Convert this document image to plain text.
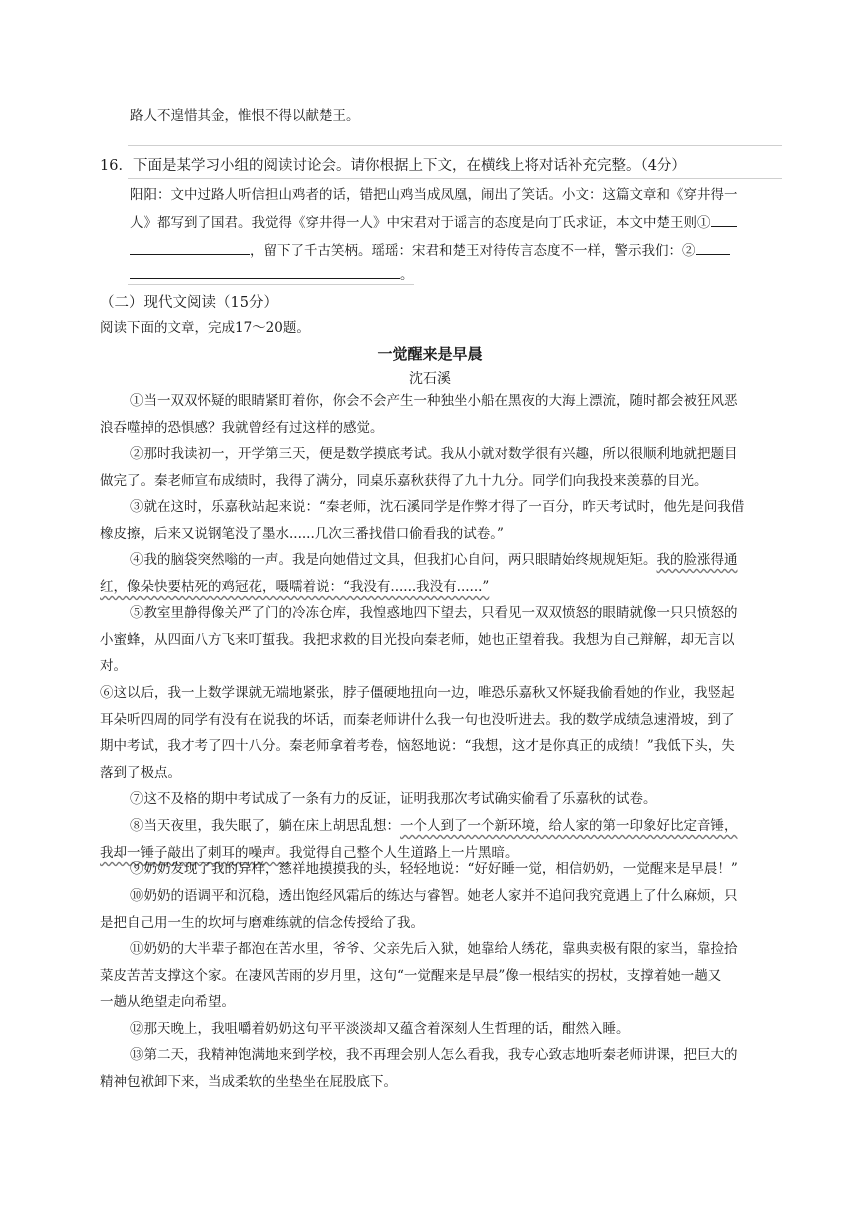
路人不遑惜其金，惟恨不得以献楚王。
16．下面是某学习小组的阅读讨论会。请你根据上下文，在横线上将对话补充完整。（4分）
阳阳：文中过路人听信担山鸡者的话，错把山鸡当成凤凰，闹出了笑话。小文：这篇文章和《穿井得一
人》都写到了国君。我觉得《穿井得一人》中宋君对于谣言的态度是向丁氏求证，本文中楚王则①
，留下了千古笑柄。瑶瑶：宋君和楚王对待传言态度不一样，警示我们：②
。
（二）现代文阅读（15分）
阅读下面的文章，完成17～20题。
一觉醒来是早晨
沈石溪
①当一双双怀疑的眼睛紧盯着你，你会不会产生一种独坐小船在黑夜的大海上漂流，随时都会被狂风恶
浪吞噬掉的恐惧感？我就曾经有过这样的感觉。
②那时我读初一，开学第三天，便是数学摸底考试。我从小就对数学很有兴趣，所以很顺利地就把题目
做完了。秦老师宣布成绩时，我得了满分，同桌乐嘉秋获得了九十九分。同学们向我投来羡慕的目光。
③就在这时，乐嘉秋站起来说：“秦老师，沈石溪同学是作弊才得了一百分，昨天考试时，他先是问我借
橡皮擦，后来又说钢笔没了墨水......几次三番找借口偷看我的试卷。”
④我的脑袋突然嗡的一声。我是向她借过文具，但我扪心自问，两只眼睛始终规规矩矩。我的脸涨得通
红，像朵快要枯死的鸡冠花，嗫嚅着说：“我没有......我没有......”
⑤教室里静得像关严了门的冷冻仓库，我惶惑地四下望去，只看见一双双愤怒的眼睛就像一只只愤怒的
小蜜蜂，从四面八方飞来叮蜇我。我把求救的目光投向秦老师，她也正望着我。我想为自己辩解，却无言以
对。
⑥这以后，我一上数学课就无端地紧张，脖子僵硬地扭向一边，唯恐乐嘉秋又怀疑我偷看她的作业，我竖起
耳朵听四周的同学有没有在说我的坏话，而秦老师讲什么我一句也没听进去。我的数学成绩急速滑坡，到了
期中考试，我才考了四十八分。秦老师拿着考卷，恼怒地说：“我想，这才是你真正的成绩！”我低下头，失
落到了极点。
⑦这不及格的期中考试成了一条有力的反证，证明我那次考试确实偷看了乐嘉秋的试卷。
⑧当天夜里，我失眠了，躺在床上胡思乱想：一个人到了一个新环境，给人家的第一印象好比定音锤，
我却一锤子敲出了刺耳的噪声。我觉得自己整个人生道路上一片黑暗。
⑨奶奶发现了我的异样，慈祥地摸摸我的头，轻轻地说：“好好睡一觉，相信奶奶，一觉醒来是早晨！”
⑩奶奶的语调平和沉稳，透出饱经风霜后的练达与睿智。她老人家并不追问我究竟遇上了什么麻烦，只
是把自己用一生的坎坷与磨难练就的信念传授给了我。
⑪奶奶的大半辈子都泡在苦水里，爷爷、父亲先后入狱，她靠给人绣花，靠典卖极有限的家当，靠捡拾
菜皮苦苦支撑这个家。在凄风苦雨的岁月里，这句“一觉醒来是早晨”像一根结实的拐杖，支撑着她一趟又
一趟从绝望走向希望。
⑫那天晚上，我咀嚼着奶奶这句平平淡淡却又蕴含着深刻人生哲理的话，酣然入睡。
⑬第二天，我精神饱满地来到学校，我不再理会别人怎么看我，我专心致志地听秦老师讲课，把巨大的
精神包袱卸下来，当成柔软的坐垫坐在屁股底下。
